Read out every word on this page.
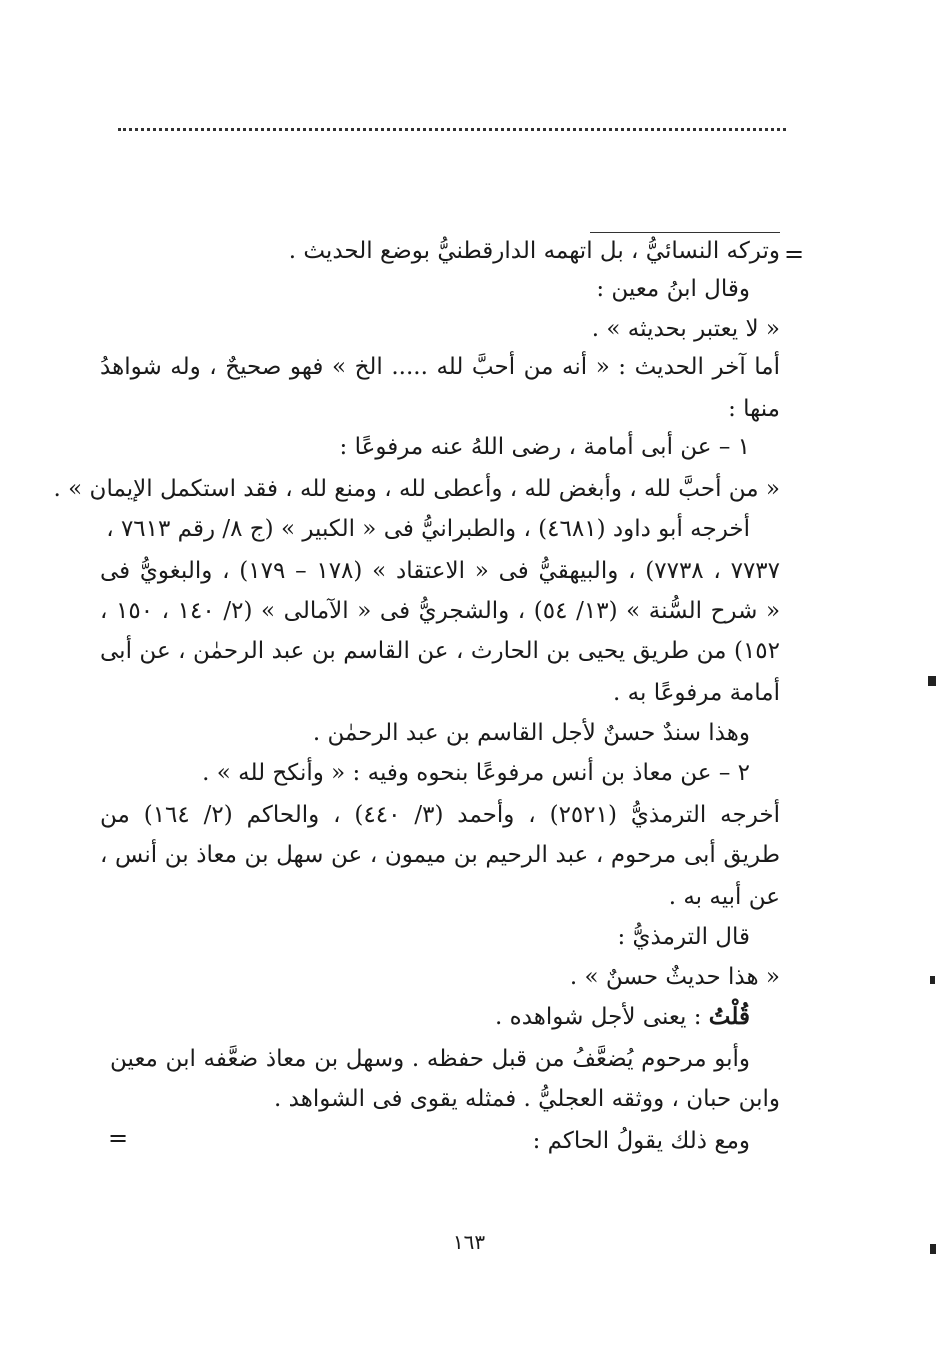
=
وتركه النسائيُّ ، بل اتهمه الدارقطنيُّ بوضع الحديث .
وقال ابنُ معين :
« لا يعتبر بحديثه » .
أما آخر الحديث : « أنه من أحبَّ لله ..... الخ » فهو صحيحٌ ، وله شواهدُ
منها :
١ – عن أبى أمامة ، رضى اللهُ عنه مرفوعًا :
« من أحبَّ لله ، وأبغض لله ، وأعطى لله ، ومنع لله ، فقد استكمل الإيمان » .
أخرجه أبو داود (٤٦٨١) ، والطبرانيُّ فى « الكبير » (ج ٨/ رقم ٧٦١٣ ،
٧٧٣٧ ، ٧٧٣٨) ، والبيهقيُّ فى « الاعتقاد » (١٧٨ – ١٧٩) ، والبغويُّ فى
« شرح السُّنة » (١٣/ ٥٤) ، والشجريُّ فى « الآمالى » (٢/ ١٤٠ ، ١٥٠ ،
١٥٢) من طريق يحيى بن الحارث ، عن القاسم بن عبد الرحمٰن ، عن أبى
أمامة مرفوعًا به .
وهذا سندٌ حسنٌ لأجل القاسم بن عبد الرحمٰن .
٢ – عن معاذ بن أنس مرفوعًا بنحوه وفيه : « وأنكح لله » .
أخرجه الترمذيُّ (٢٥٢١) ، وأحمد (٣/ ٤٤٠) ، والحاكم (٢/ ١٦٤) من
طريق أبى مرحوم ، عبد الرحيم بن ميمون ، عن سهل بن معاذ بن أنس ،
عن أبيه به .
قال الترمذيُّ :
« هذا حديثٌ حسنٌ » .
قُلْتُ : يعنى لأجل شواهده .
وأبو مرحوم يُضعَّفُ من قبل حفظه . وسهل بن معاذ ضعَّفه ابن معين
وابن حبان ، ووثقه العجليُّ . فمثله يقوى فى الشواهد .
ومع ذلك يقولُ الحاكم :
=
١٦٣
